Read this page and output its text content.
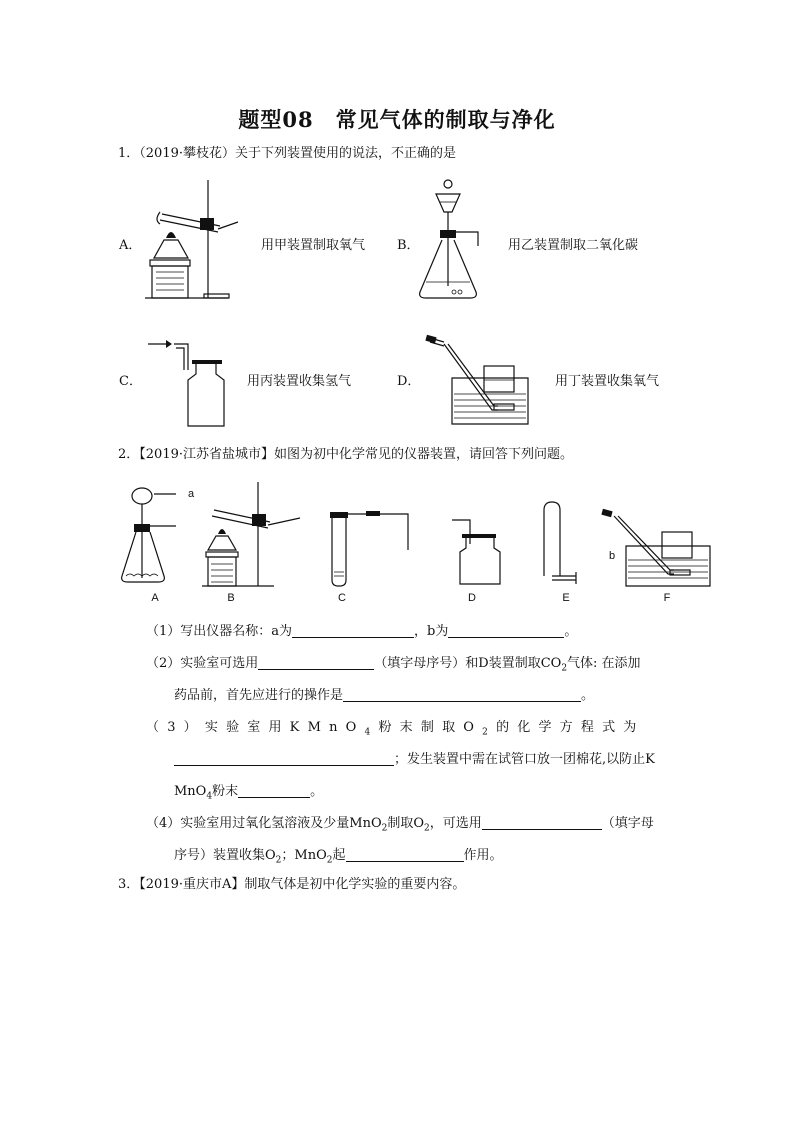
题型08　常见气体的制取与净化
1．（2019·攀枝花）关于下列装置使用的说法，不正确的是
A．	用甲装置制取氧气 B．	用乙装置制取二氧化碳
C．	用丙装置收集氢气	D．	用丁装置收集氧气
2．【2019·江苏省盐城市】如图为初中化学常见的仪器装置，请回答下列问题。
a
b
A	B	C	D	E	F
（1）写出仪器名称：a为	，b为	。
（2）实验室可选用	（填字母序号）和D装置制取$CO_2$气体: 在添加
药品前，首先应进行的操作是	。
（3）实验室用KMnO$_4$粉末制取$O_2$的化学方程式为
；发生装置中需在试管口放一团棉花,以防止K
MnO$_4$粉末	。
（4）实验室用过氧化氢溶液及少量MnO$_2$制取$O_2$，可选用	（填字母
序号）装置收集$O_2$；MnO$_2$起	作用。
3．【2019·重庆市A】制取气体是初中化学实验的重要内容。
